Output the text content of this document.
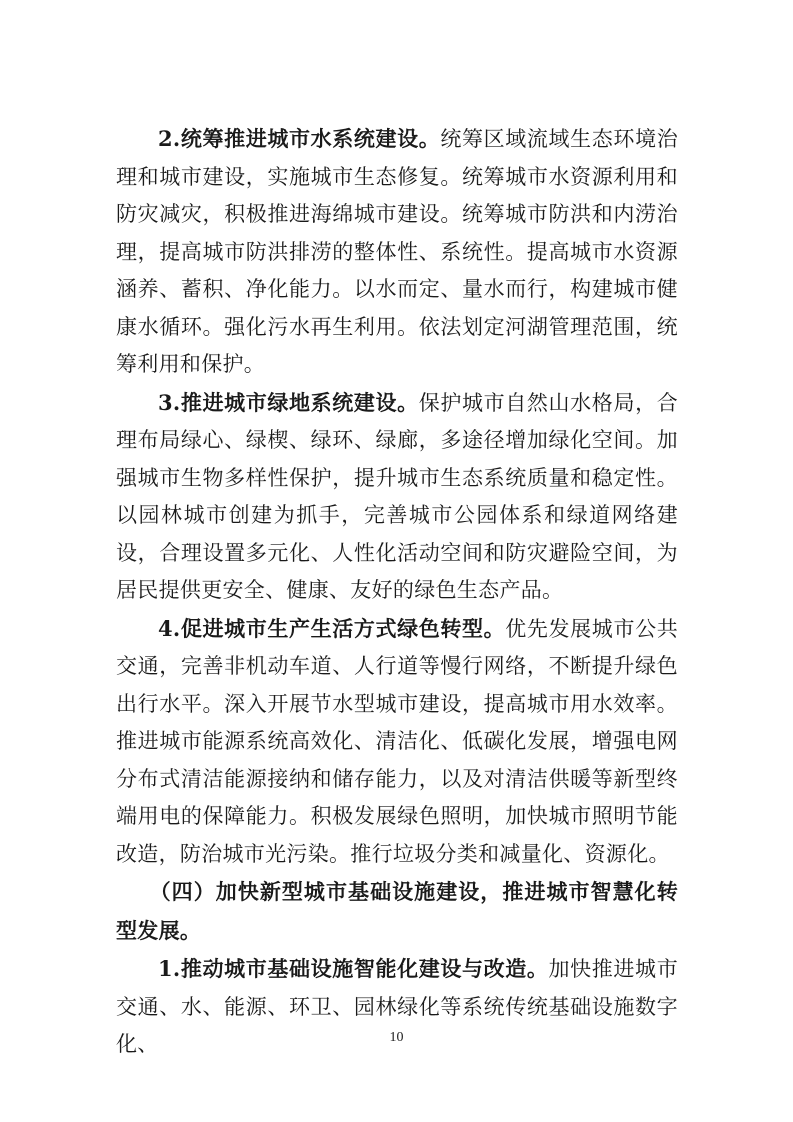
2.统筹推进城市水系统建设。统筹区域流域生态环境治理和城市建设，实施城市生态修复。统筹城市水资源利用和防灾减灾，积极推进海绵城市建设。统筹城市防洪和内涝治理，提高城市防洪排涝的整体性、系统性。提高城市水资源涵养、蓄积、净化能力。以水而定、量水而行，构建城市健康水循环。强化污水再生利用。依法划定河湖管理范围，统筹利用和保护。

3.推进城市绿地系统建设。保护城市自然山水格局，合理布局绿心、绿楔、绿环、绿廊，多途径增加绿化空间。加强城市生物多样性保护，提升城市生态系统质量和稳定性。以园林城市创建为抓手，完善城市公园体系和绿道网络建设，合理设置多元化、人性化活动空间和防灾避险空间，为居民提供更安全、健康、友好的绿色生态产品。

4.促进城市生产生活方式绿色转型。优先发展城市公共交通，完善非机动车道、人行道等慢行网络，不断提升绿色出行水平。深入开展节水型城市建设，提高城市用水效率。推进城市能源系统高效化、清洁化、低碳化发展，增强电网分布式清洁能源接纳和储存能力，以及对清洁供暖等新型终端用电的保障能力。积极发展绿色照明，加快城市照明节能改造，防治城市光污染。推行垃圾分类和减量化、资源化。

（四）加快新型城市基础设施建设，推进城市智慧化转型发展。

1.推动城市基础设施智能化建设与改造。加快推进城市交通、水、能源、环卫、园林绿化等系统传统基础设施数字化、	10
